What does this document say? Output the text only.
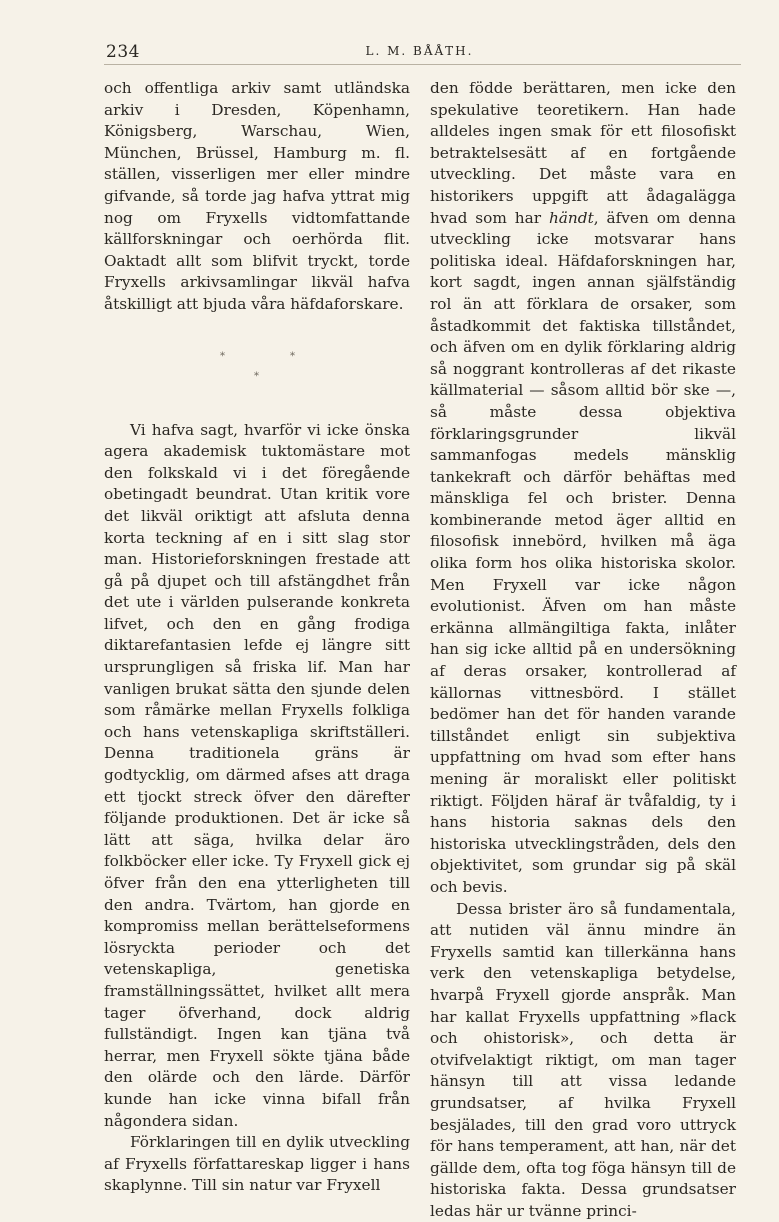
234	L. M. BÅÅTH.

och offentliga arkiv samt utländska arkiv i Dresden, Köpenhamn, Königsberg, Warschau, Wien, München, Brüssel, Hamburg m. fl. ställen, visserligen mer eller mindre gifvande, så torde jag hafva yttrat mig nog om Fryxells vidtomfattande källforskningar och oerhörda flit. Oaktadt allt som blifvit tryckt, torde Fryxells arkivsamlingar likväl hafva åtskilligt att bjuda våra häfdaforskare.

*	*
*

Vi hafva sagt, hvarför vi icke önska agera akademisk tuktomästare mot den folkskald vi i det föregående obetingadt beundrat. Utan kritik vore det likväl oriktigt att afsluta denna korta teckning af en i sitt slag stor man. Historieforskningen frestade att gå på djupet och till afstängdhet från det ute i världen pulserande konkreta lifvet, och den en gång frodiga diktarefantasien lefde ej längre sitt ursprungligen så friska lif. Man har vanligen brukat sätta den sjunde delen som råmärke mellan Fryxells folkliga och hans vetenskapliga skriftställeri. Denna traditionela gräns är godtycklig, om därmed afses att draga ett tjockt streck öfver den därefter följande produktionen. Det är icke så lätt att säga, hvilka delar äro folkböcker eller icke. Ty Fryxell gick ej öfver från den ena ytterligheten till den andra. Tvärtom, han gjorde en kompromiss mellan berättelseformens lösryckta perioder och det vetenskapliga, genetiska framställningssättet, hvilket allt mera tager öfverhand, dock aldrig fullständigt. Ingen kan tjäna två herrar, men Fryxell sökte tjäna både den olärde och den lärde. Därför kunde han icke vinna bifall från någondera sidan.

Förklaringen till en dylik utveckling af Fryxells författareskap ligger i hans skaplynne. Till sin natur var Fryxell

den födde berättaren, men icke den spekulative teoretikern. Han hade alldeles ingen smak för ett filosofiskt betraktelsesätt af en fortgående utveckling. Det måste vara en historikers uppgift att ådagalägga hvad som har händt, äfven om denna utveckling icke motsvarar hans politiska ideal. Häfdaforskningen har, kort sagdt, ingen annan själfständig rol än att förklara de orsaker, som åstadkommit det faktiska tillståndet, och äfven om en dylik förklaring aldrig så noggrant kontrolleras af det rikaste källmaterial — såsom alltid bör ske —, så måste dessa objektiva förklaringsgrunder likväl sammanfogas medels mänsklig tankekraft och därför behäftas med mänskliga fel och brister. Denna kombinerande metod äger alltid en filosofisk innebörd, hvilken må äga olika form hos olika historiska skolor. Men Fryxell var icke någon evolutionist. Äfven om han måste erkänna allmängiltiga fakta, inlåter han sig icke alltid på en undersökning af deras orsaker, kontrollerad af källornas vittnesbörd. I stället bedömer han det för handen varande tillståndet enligt sin subjektiva uppfattning om hvad som efter hans mening är moraliskt eller politiskt riktigt. Följden häraf är tvåfaldig, ty i hans historia saknas dels den historiska utvecklingstråden, dels den objektivitet, som grundar sig på skäl och bevis.

Dessa brister äro så fundamentala, att nutiden väl ännu mindre än Fryxells samtid kan tillerkänna hans verk den vetenskapliga betydelse, hvarpå Fryxell gjorde anspråk. Man har kallat Fryxells uppfattning »flack och ohistorisk», och detta är otvifvelaktigt riktigt, om man tager hänsyn till att vissa ledande grundsatser, af hvilka Fryxell besjälades, till den grad voro uttryck för hans temperament, att han, när det gällde dem, ofta tog föga hänsyn till de historiska fakta. Dessa grundsatser ledas här ur tvänne princi-
